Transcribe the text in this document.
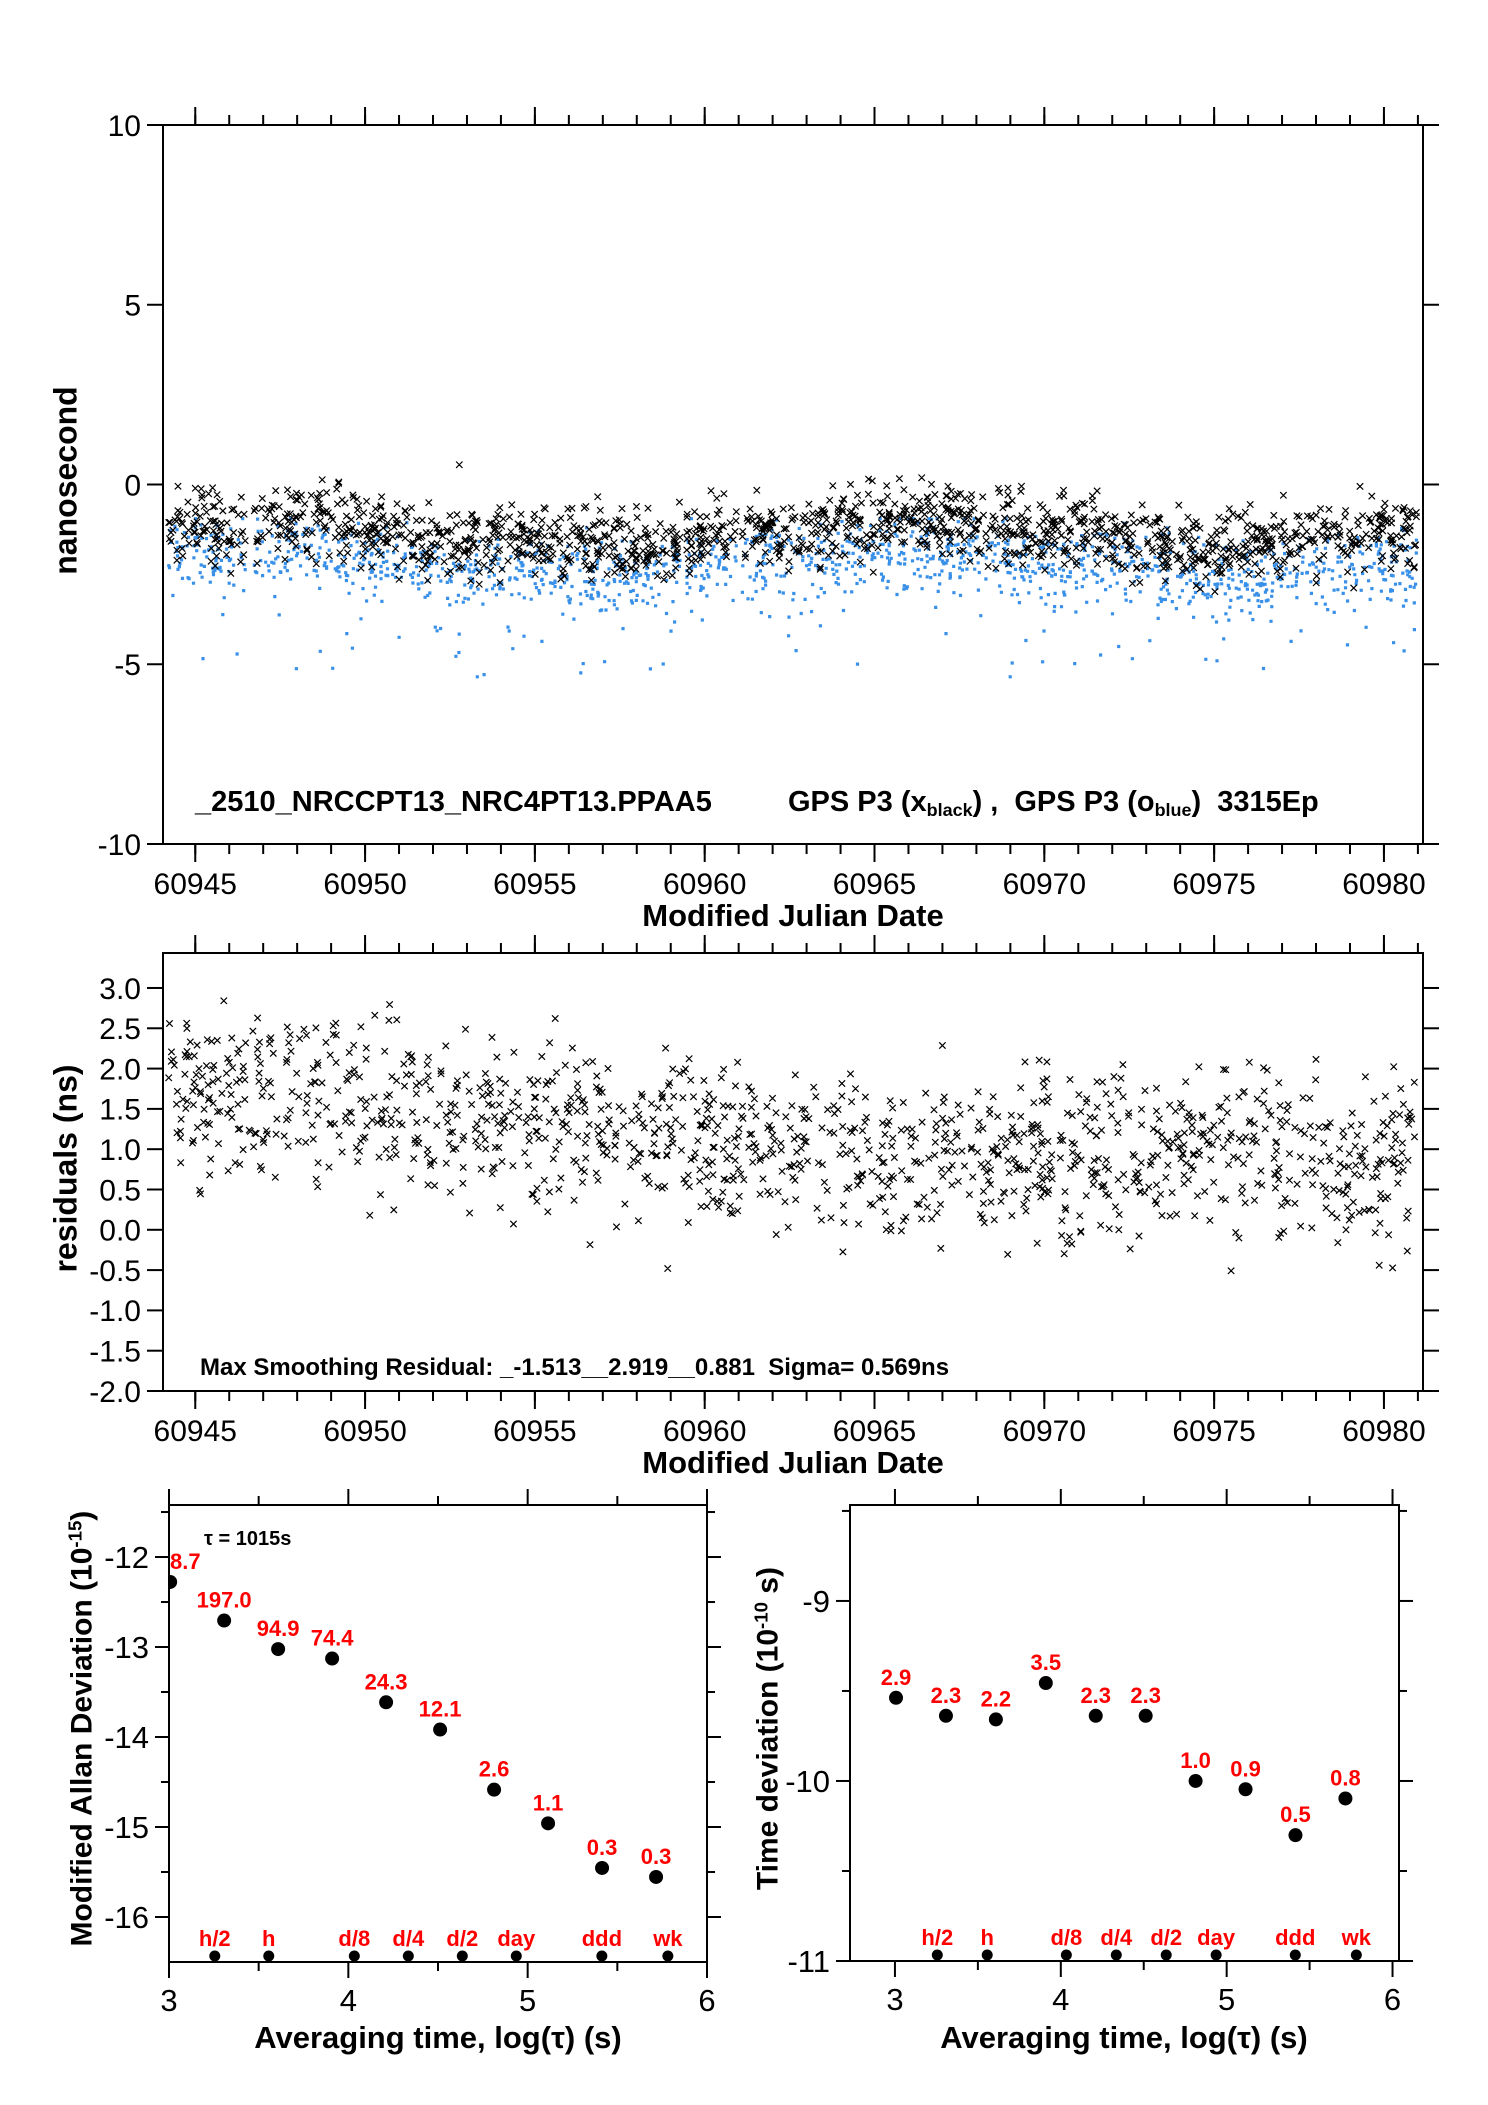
60945	60950	60955	60960	60965	60970	60975	60980
10
5
0
-5
-10
60945	60950	60955	60960	60965	60970	60975	60980
3.0
2.5
2.0
1.5
1.0
0.5
0.0
-0.5
-1.0
-1.5
-2.0
3	4	5	6
-12
-13
-14
-15
-16
8.7
197.0
94.9 74.4
24.3
12.1
2.6
1.1
0.3 0.3
h/2 h	d/8 d/4 d/2 day ddd wk
3	4	5	6
-9
-10
-11
2.9
2.3 2.2
3.5
2.3 2.3
1.0 0.9
0.5
0.8
h/2 h	d/8 d/4 d/2 day ddd wk
nanosecond
residuals (ns)
Modified Allan Deviation $(10^{-15})$
Time deviation ($10^{-10}$ s)
Modified Julian Date
Modified Julian Date
Averaging time, log(τ) (s)	Averaging time, log(τ) (s)
_2510_NRCCPT13_NRC4PT13.PPAA5	GPS P3 $(x_{black})$ , GPS P3 $(o_{blue})$ 3315Ep
Max Smoothing Residual: _-1.513__2.919__0.881  Sigma= 0.569ns
τ = 1015s
